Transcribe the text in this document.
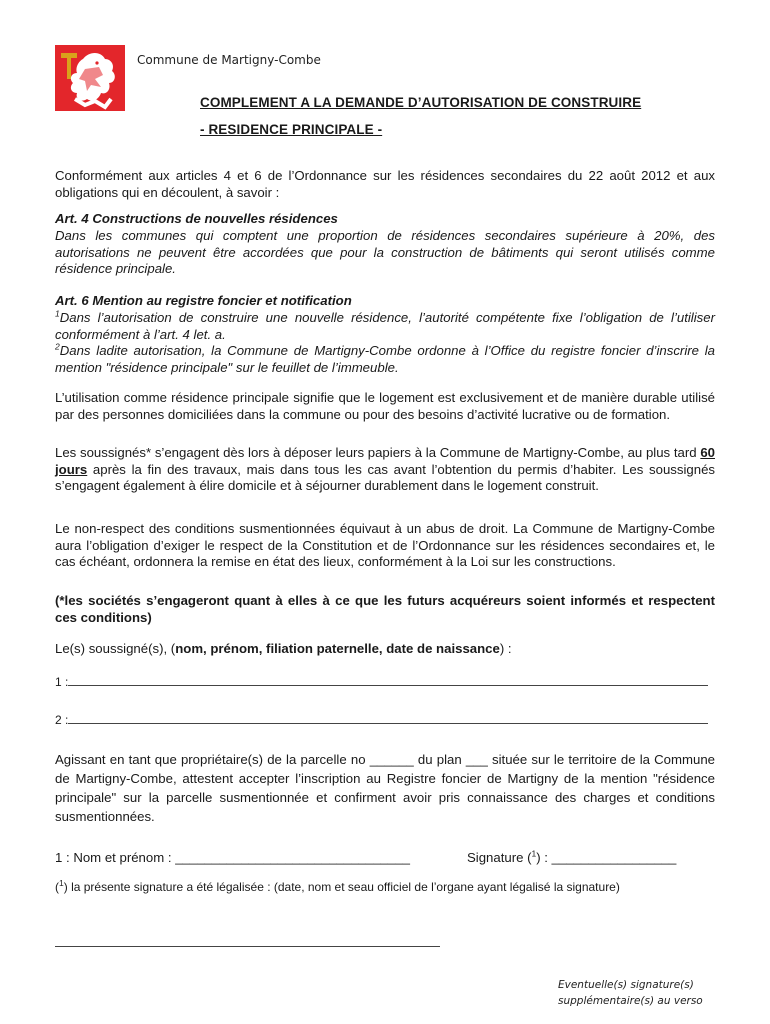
Commune de Martigny-Combe
COMPLEMENT A LA DEMANDE D’AUTORISATION DE CONSTRUIRE
- RESIDENCE PRINCIPALE -
Conformément aux articles 4 et 6 de l’Ordonnance sur les résidences secondaires du 22 août 2012 et aux obligations qui en découlent, à savoir :
Art. 4 Constructions de nouvelles résidences
Dans les communes qui comptent une proportion de résidences secondaires supérieure à 20%, des autorisations ne peuvent être accordées que pour la construction de bâtiments qui seront utilisés comme résidence principale.
Art. 6 Mention au registre foncier et notification
$^1$Dans l’autorisation de construire une nouvelle résidence, l’autorité compétente fixe l’obligation de l’utiliser conformément à l’art. 4 let. a.
$^2$Dans ladite autorisation, la Commune de Martigny-Combe ordonne à l’Office du registre foncier d’inscrire la mention "résidence principale" sur le feuillet de l’immeuble.
L’utilisation comme résidence principale signifie que le logement est exclusivement et de manière durable utilisé par des personnes domiciliées dans la commune ou pour des besoins d’activité lucrative ou de formation.
Les soussignés* s’engagent dès lors à déposer leurs papiers à la Commune de Martigny-Combe, au plus tard 60 jours après la fin des travaux, mais dans tous les cas avant l’obtention du permis d’habiter. Les soussignés s’engagent également à élire domicile et à séjourner durablement dans le logement construit.
Le non-respect des conditions susmentionnées équivaut à un abus de droit. La Commune de Martigny-Combe aura l’obligation d’exiger le respect de la Constitution et de l’Ordonnance sur les résidences secondaires et, le cas échéant, ordonnera la remise en état des lieux, conformément à la Loi sur les constructions.
(*les sociétés s’engageront quant à elles à ce que les futurs acquéreurs soient informés et respectent ces conditions)
Le(s) soussigné(s), (nom, prénom, filiation paternelle, date de naissance) :
1 :
2 :
Agissant en tant que propriétaire(s) de la parcelle no ______ du plan ___ située sur le territoire de la Commune de Martigny-Combe, attestent accepter l’inscription au Registre foncier de Martigny de la mention "résidence principale" sur la parcelle susmentionnée et confirment avoir pris connaissance des charges et conditions susmentionnées.
1 : Nom et prénom : ________________________________	Signature ($^1$) : _________________
($^1$) la présente signature a été légalisée : (date, nom et seau officiel de l’organe ayant légalisé la signature)
Eventuelle(s) signature(s)
supplémentaire(s) au verso
